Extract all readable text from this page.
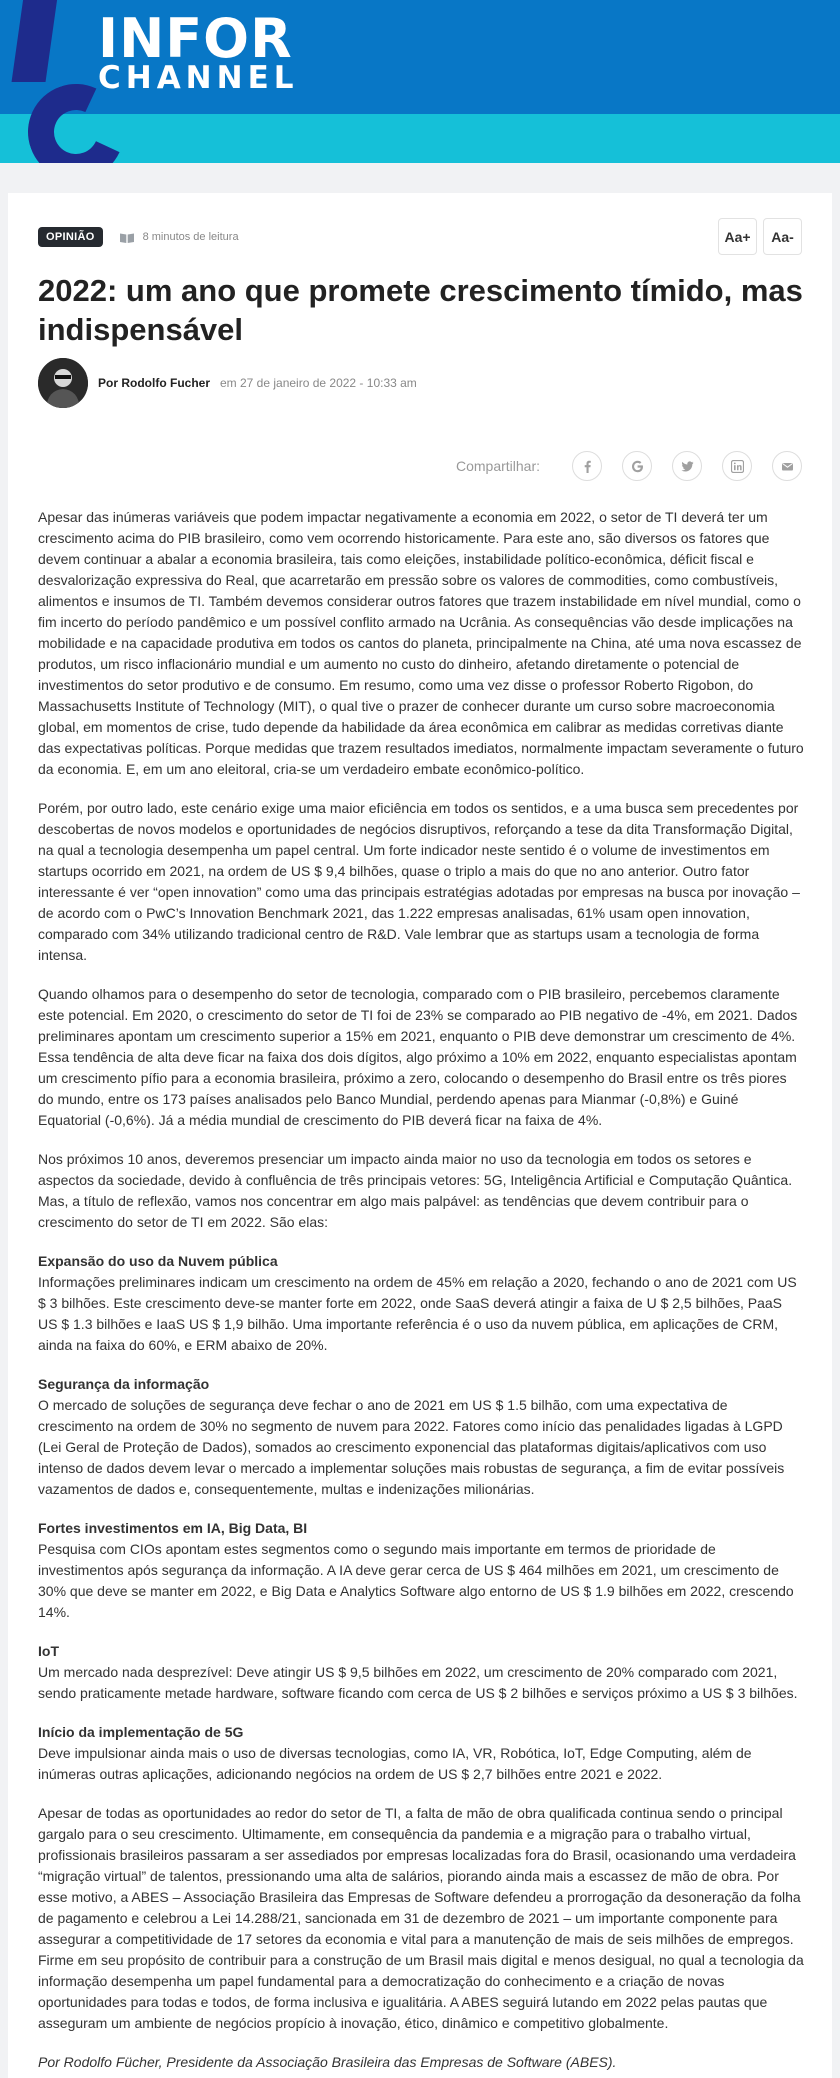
INFOR
CHANNEL
OPINIÃO	8 minutos de leitura	Aa+	Aa-
2022: um ano que promete crescimento tímido, mas indispensável
Por Rodolfo Fucher em 27 de janeiro de 2022 - 10:33 am
Compartilhar:

Apesar das inúmeras variáveis que podem impactar negativamente a economia em 2022, o setor de TI deverá ter um crescimento acima do PIB brasileiro, como vem ocorrendo historicamente. Para este ano, são diversos os fatores que devem continuar a abalar a economia brasileira, tais como eleições, instabilidade político-econômica, déficit fiscal e desvalorização expressiva do Real, que acarretarão em pressão sobre os valores de commodities, como combustíveis, alimentos e insumos de TI. Também devemos considerar outros fatores que trazem instabilidade em nível mundial, como o fim incerto do período pandêmico e um possível conflito armado na Ucrânia. As consequências vão desde implicações na mobilidade e na capacidade produtiva em todos os cantos do planeta, principalmente na China, até uma nova escassez de produtos, um risco inflacionário mundial e um aumento no custo do dinheiro, afetando diretamente o potencial de investimentos do setor produtivo e de consumo. Em resumo, como uma vez disse o professor Roberto Rigobon, do Massachusetts Institute of Technology (MIT), o qual tive o prazer de conhecer durante um curso sobre macroeconomia global, em momentos de crise, tudo depende da habilidade da área econômica em calibrar as medidas corretivas diante das expectativas políticas. Porque medidas que trazem resultados imediatos, normalmente impactam severamente o futuro da economia. E, em um ano eleitoral, cria-se um verdadeiro embate econômico-político.

Porém, por outro lado, este cenário exige uma maior eficiência em todos os sentidos, e a uma busca sem precedentes por descobertas de novos modelos e oportunidades de negócios disruptivos, reforçando a tese da dita Transformação Digital, na qual a tecnologia desempenha um papel central. Um forte indicador neste sentido é o volume de investimentos em startups ocorrido em 2021, na ordem de US $ 9,4 bilhões, quase o triplo a mais do que no ano anterior. Outro fator interessante é ver “open innovation” como uma das principais estratégias adotadas por empresas na busca por inovação – de acordo com o PwC’s Innovation Benchmark 2021, das 1.222 empresas analisadas, 61% usam open innovation, comparado com 34% utilizando tradicional centro de R&D. Vale lembrar que as startups usam a tecnologia de forma intensa.

Quando olhamos para o desempenho do setor de tecnologia, comparado com o PIB brasileiro, percebemos claramente este potencial. Em 2020, o crescimento do setor de TI foi de 23% se comparado ao PIB negativo de -4%, em 2021. Dados preliminares apontam um crescimento superior a 15% em 2021, enquanto o PIB deve demonstrar um crescimento de 4%. Essa tendência de alta deve ficar na faixa dos dois dígitos, algo próximo a 10% em 2022, enquanto especialistas apontam um crescimento pífio para a economia brasileira, próximo a zero, colocando o desempenho do Brasil entre os três piores do mundo, entre os 173 países analisados pelo Banco Mundial, perdendo apenas para Mianmar (-0,8%) e Guiné Equatorial (-0,6%). Já a média mundial de crescimento do PIB deverá ficar na faixa de 4%.

Nos próximos 10 anos, deveremos presenciar um impacto ainda maior no uso da tecnologia em todos os setores e aspectos da sociedade, devido à confluência de três principais vetores: 5G, Inteligência Artificial e Computação Quântica. Mas, a título de reflexão, vamos nos concentrar em algo mais palpável: as tendências que devem contribuir para o crescimento do setor de TI em 2022. São elas:

Expansão do uso da Nuvem pública
Informações preliminares indicam um crescimento na ordem de 45% em relação a 2020, fechando o ano de 2021 com US $ 3 bilhões. Este crescimento deve-se manter forte em 2022, onde SaaS deverá atingir a faixa de U $ 2,5 bilhões, PaaS US $ 1.3 bilhões e IaaS US $ 1,9 bilhão. Uma importante referência é o uso da nuvem pública, em aplicações de CRM, ainda na faixa do 60%, e ERM abaixo de 20%.
Segurança da informação
O mercado de soluções de segurança deve fechar o ano de 2021 em US $ 1.5 bilhão, com uma expectativa de crescimento na ordem de 30% no segmento de nuvem para 2022. Fatores como início das penalidades ligadas à LGPD (Lei Geral de Proteção de Dados), somados ao crescimento exponencial das plataformas digitais/aplicativos com uso intenso de dados devem levar o mercado a implementar soluções mais robustas de segurança, a fim de evitar possíveis vazamentos de dados e, consequentemente, multas e indenizações milionárias.
Fortes investimentos em IA, Big Data, BI
Pesquisa com CIOs apontam estes segmentos como o segundo mais importante em termos de prioridade de investimentos após segurança da informação. A IA deve gerar cerca de US $ 464 milhões em 2021, um crescimento de 30% que deve se manter em 2022, e Big Data e Analytics Software algo entorno de US $ 1.9 bilhões em 2022, crescendo 14%.
IoT
Um mercado nada desprezível: Deve atingir US $ 9,5 bilhões em 2022, um crescimento de 20% comparado com 2021, sendo praticamente metade hardware, software ficando com cerca de US $ 2 bilhões e serviços próximo a US $ 3 bilhões.
Início da implementação de 5G
Deve impulsionar ainda mais o uso de diversas tecnologias, como IA, VR, Robótica, IoT, Edge Computing, além de inúmeras outras aplicações, adicionando negócios na ordem de US $ 2,7 bilhões entre 2021 e 2022.

Apesar de todas as oportunidades ao redor do setor de TI, a falta de mão de obra qualificada continua sendo o principal gargalo para o seu crescimento. Ultimamente, em consequência da pandemia e a migração para o trabalho virtual, profissionais brasileiros passaram a ser assediados por empresas localizadas fora do Brasil, ocasionando uma verdadeira “migração virtual” de talentos, pressionando uma alta de salários, piorando ainda mais a escassez de mão de obra. Por esse motivo, a ABES – Associação Brasileira das Empresas de Software defendeu a prorrogação da desoneração da folha de pagamento e celebrou a Lei 14.288/21, sancionada em 31 de dezembro de 2021 – um importante componente para assegurar a competitividade de 17 setores da economia e vital para a manutenção de mais de seis milhões de empregos. Firme em seu propósito de contribuir para a construção de um Brasil mais digital e menos desigual, no qual a tecnologia da informação desempenha um papel fundamental para a democratização do conhecimento e a criação de novas oportunidades para todas e todos, de forma inclusiva e igualitária. A ABES seguirá lutando em 2022 pelas pautas que asseguram um ambiente de negócios propício à inovação, ético, dinâmico e competitivo globalmente.

Por Rodolfo Fücher, Presidente da Associação Brasileira das Empresas de Software (ABES).
